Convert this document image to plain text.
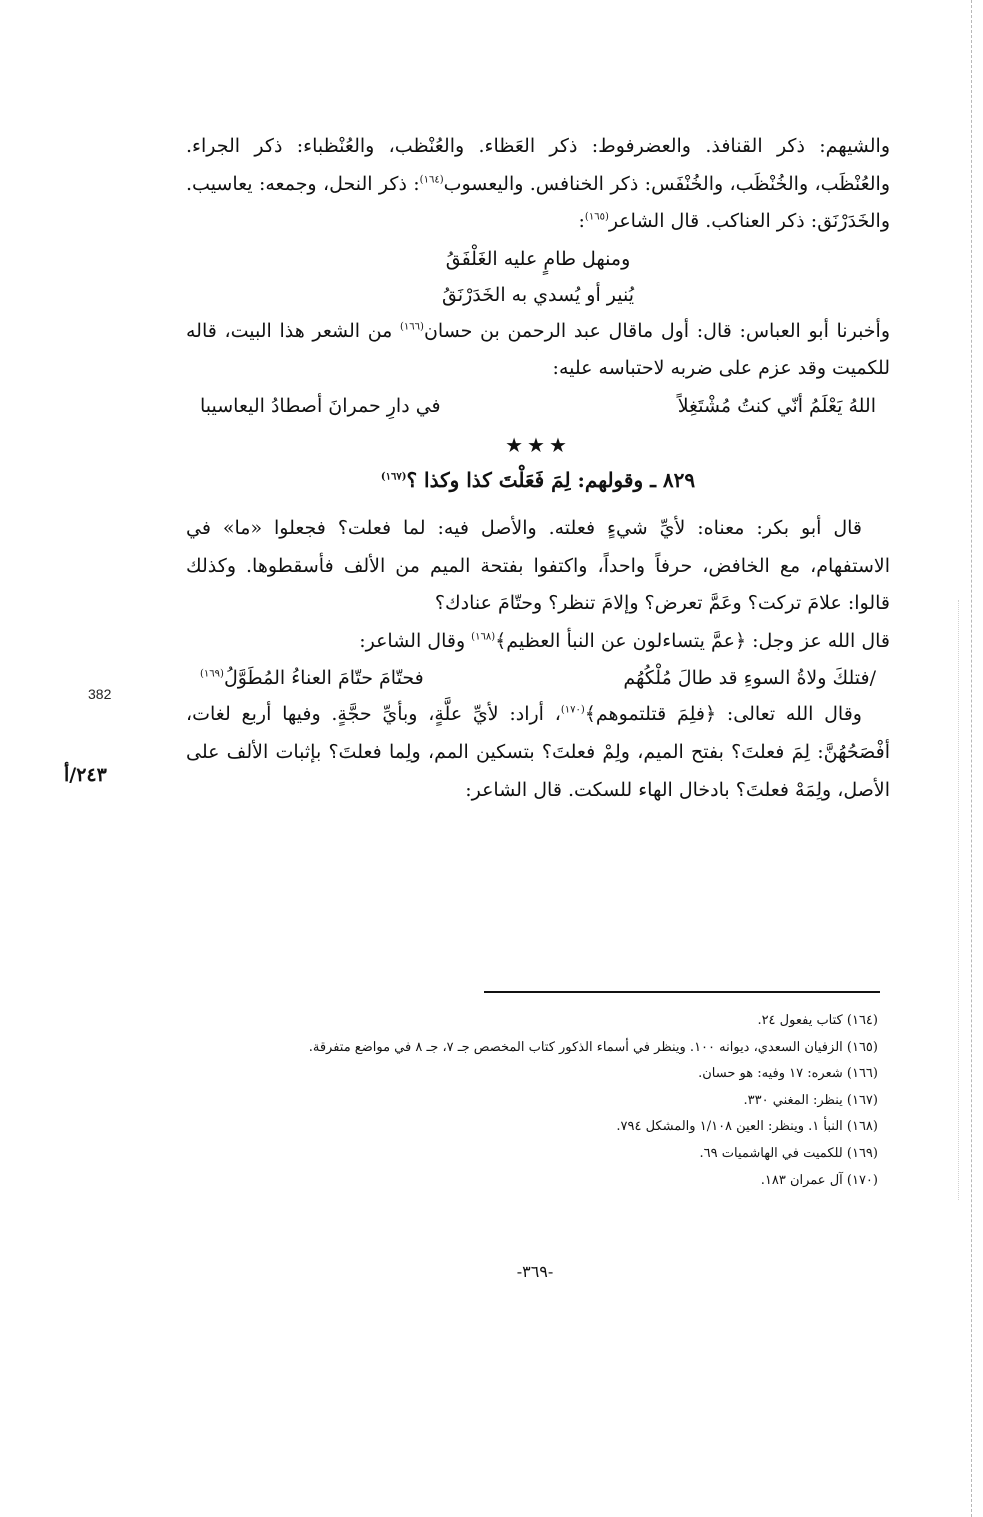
والشيهم: ذكر القنافذ. والعضرفوط: ذكر العَظاء. والعُنْظب، والعُنْظباء: ذكر الجراء. والعُنْظَب، والخُنْظَب، والخُنْفَس: ذكر الخنافس. واليعسوب$^{(١٦٤)}$: ذكر النحل، وجمعه: يعاسيب. والخَدَرْنَق: ذكر العناكب. قال الشاعر$^{(١٦٥)}$:

ومنهل طامٍ عليه الغَلْفَقُ
يُنير أو يُسدي به الخَدَرْنَقُ

وأخبرنا أبو العباس: قال: أول ماقال عبد الرحمن بن حسان$^{(١٦٦)}$ من الشعر هذا البيت، قاله للكميت وقد عزم على ضربه لاحتباسه عليه:

اللهُ يَعْلَمُ أنّي كنتُ مُشْتَغِلاً
في دارِ حمرانَ أصطادُ اليعاسيبا
★★★
٨٢٩ ـ وقولهم: لِمَ فَعَلْتَ كذا وكذا ؟$^{(١٦٧)}$

قال أبو بكر: معناه: لأيِّ شيءٍ فعلته. والأصل فيه: لما فعلت؟ فجعلوا «ما» في الاستفهام، مع الخافض، حرفاً واحداً، واكتفوا بفتحة الميم من الألف فأسقطوها. وكذلك قالوا: علامَ تركت؟ وعَمَّ تعرض؟ وإلامَ تنظر؟ وحتّامَ عنادك؟

قال الله عز وجل: ﴿عمَّ يتساءلون عن النبأ العظيم﴾$^{(١٦٨)}$ وقال الشاعر:

/فتلكَ ولاةُ السوءِ قد طالَ مُلْكُهُم
فحتّامَ حتّامَ العناءُ المُطَوَّلُ$^{(١٦٩)}$

وقال الله تعالى: ﴿فلِمَ قتلتموهم﴾$^{(١٧٠)}$، أراد: لأيِّ علَّةٍ، وبأيِّ حجَّةٍ. وفيها أربع لغات، أفْصَحُهُنَّ: لِمَ فعلتَ؟ بفتح الميم، ولِمْ فعلتَ؟ بتسكين المم، ولِما فعلتَ؟ بإثبات الألف على الأصل، ولِمَهْ فعلتَ؟ بادخال الهاء للسكت. قال الشاعر:

382
٢٤٣/أ

(١٦٤) كتاب يفعول ٢٤.

(١٦٥) الزفيان السعدي، ديوانه ١٠٠. وينظر في أسماء الذكور كتاب المخصص جـ ٧، جـ ٨ في مواضع متفرقة.

(١٦٦) شعره: ١٧ وفيه: هو حسان.

(١٦٧) ينظر: المغني ٣٣٠.

(١٦٨) النبأ ١. وينظر: العين ١/١٠٨ والمشكل ٧٩٤.

(١٦٩) للكميت في الهاشميات ٦٩.

(١٧٠) آل عمران ١٨٣.

-٣٦٩-
